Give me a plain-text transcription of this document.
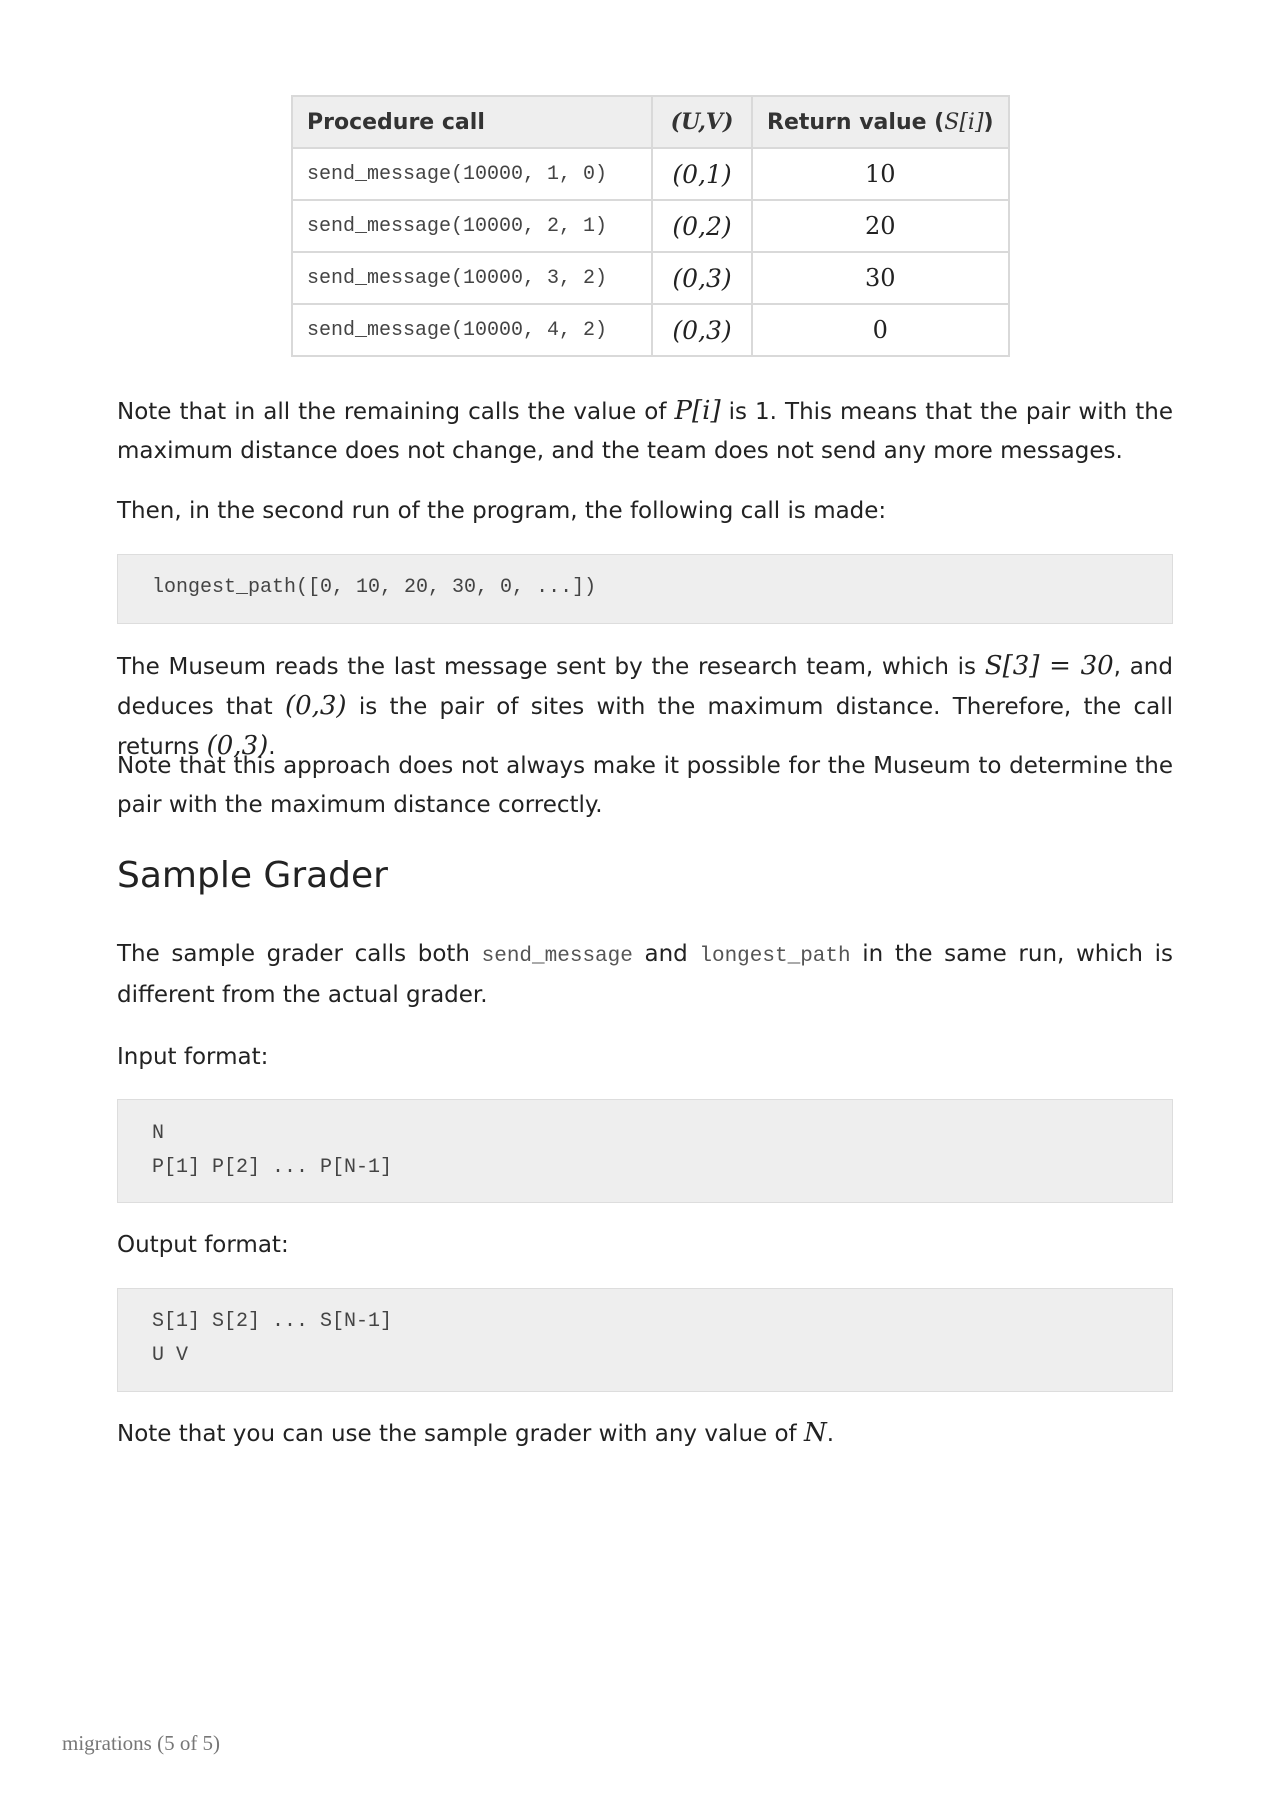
Procedure call	(U,V)	Return value (S[i])
send_message(10000, 1, 0)	(0,1)	10
send_message(10000, 2, 1)	(0,2)	20
send_message(10000, 3, 2)	(0,3)	30
send_message(10000, 4, 2)	(0,3)	0

Note that in all the remaining calls the value of P[i] is 1. This means that the pair with the maximum distance does not change, and the team does not send any more messages.

Then, in the second run of the program, the following call is made:

longest_path([0, 10, 20, 30, 0, ...])

The Museum reads the last message sent by the research team, which is S[3] = 30, and deduces that (0,3) is the pair of sites with the maximum distance. Therefore, the call returns (0,3).

Note that this approach does not always make it possible for the Museum to determine the pair with the maximum distance correctly.

Sample Grader

The sample grader calls both send_message and longest_path in the same run, which is different from the actual grader.

Input format:

N
P[1] P[2] ... P[N-1]

Output format:

S[1] S[2] ... S[N-1]
U V

Note that you can use the sample grader with any value of N.

migrations (5 of 5)
